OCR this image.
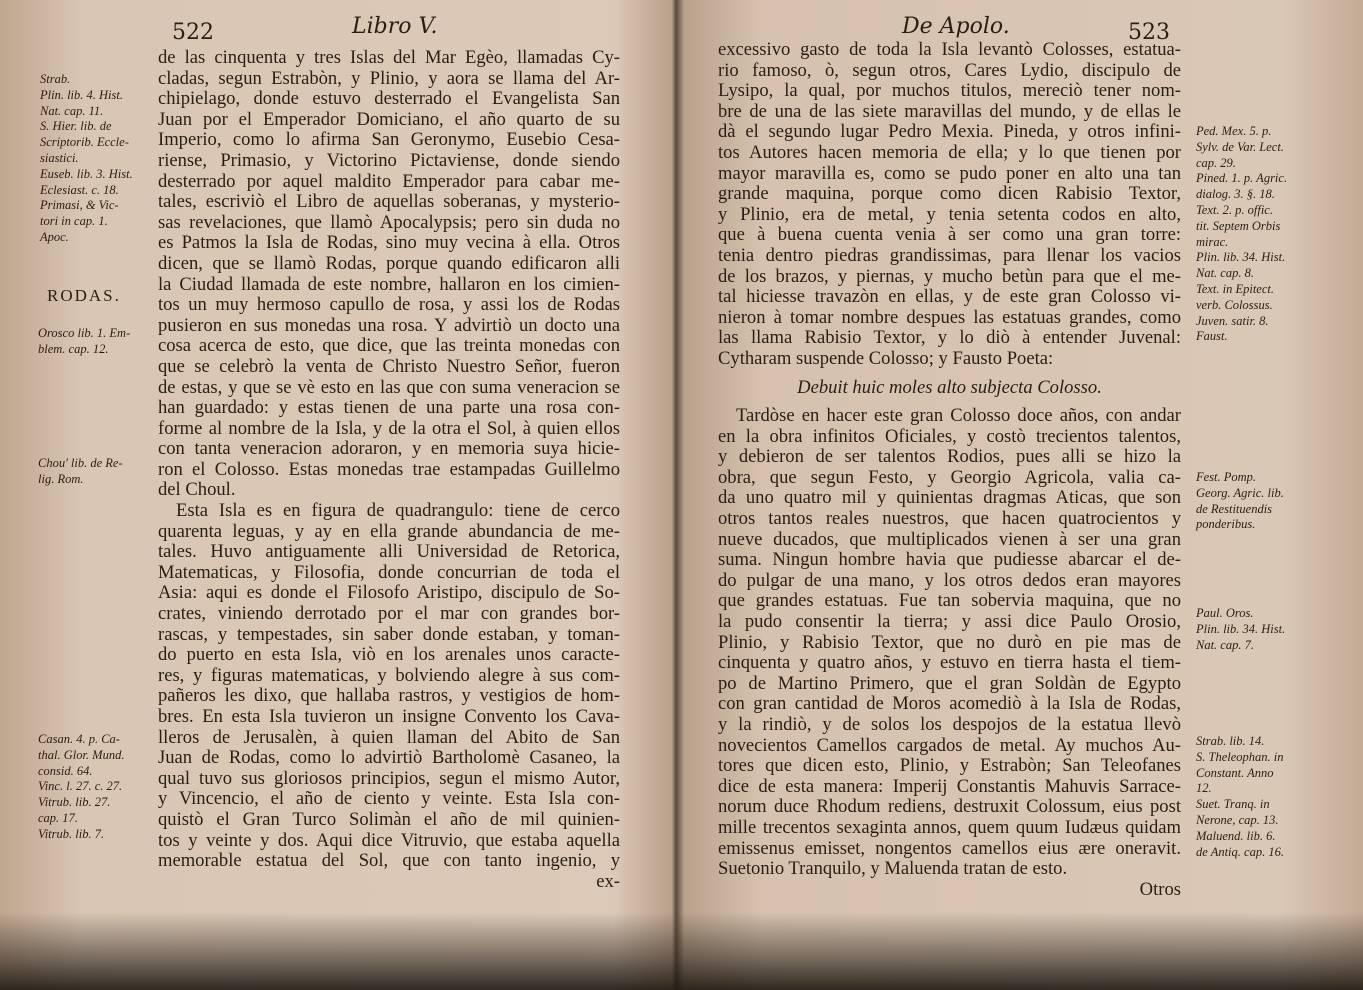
522	Libro V.
de las cinquenta y tres Islas del Mar Egèo, llamadas Cy-
cladas, segun Estrabòn, y Plinio, y aora se llama del Ar-
chipielago, donde estuvo desterrado el Evangelista San
Juan por el Emperador Domiciano, el año quarto de su
Imperio, como lo afirma San Geronymo, Eusebio Cesa-
riense, Primasio, y Victorino Pictaviense, donde siendo
desterrado por aquel maldito Emperador para cabar me-
tales, escriviò el Libro de aquellas soberanas, y mysterio-
sas revelaciones, que llamò Apocalypsis; pero sin duda no
es Patmos la Isla de Rodas, sino muy vecina à ella. Otros
dicen, que se llamò Rodas, porque quando edificaron alli
la Ciudad llamada de este nombre, hallaron en los cimien-
tos un muy hermoso capullo de rosa, y assi los de Rodas
pusieron en sus monedas una rosa. Y advirtiò un docto una
cosa acerca de esto, que dice, que las treinta monedas con
que se celebrò la venta de Christo Nuestro Señor, fueron
de estas, y que se vè esto en las que con suma veneracion se
han guardado: y estas tienen de una parte una rosa con-
forme al nombre de la Isla, y de la otra el Sol, à quien ellos
con tanta veneracion adoraron, y en memoria suya hicie-
ron el Colosso. Estas monedas trae estampadas Guillelmo
del Choul.
Esta Isla es en figura de quadrangulo: tiene de cerco
quarenta leguas, y ay en ella grande abundancia de me-
tales. Huvo antiguamente alli Universidad de Retorica,
Matematicas, y Filosofia, donde concurrian de toda el
Asia: aqui es donde el Filosofo Aristipo, discipulo de So-
crates, viniendo derrotado por el mar con grandes bor-
rascas, y tempestades, sin saber donde estaban, y toman-
do puerto en esta Isla, viò en los arenales unos caracte-
res, y figuras matematicas, y bolviendo alegre à sus com-
pañeros les dixo, que hallaba rastros, y vestigios de hom-
bres. En esta Isla tuvieron un insigne Convento los Cava-
lleros de Jerusalèn, à quien llaman del Abito de San
Juan de Rodas, como lo advirtiò Bartholomè Casaneo, la
qual tuvo sus gloriosos principios, segun el mismo Autor,
y Vincencio, el año de ciento y veinte. Esta Isla con-
quistò el Gran Turco Solimàn el año de mil quinien-
tos y veinte y dos. Aqui dice Vitruvio, que estaba aquella
memorable estatua del Sol, que con tanto ingenio, y
ex-
Strab.
Plin. lib. 4. Hist.
Nat. cap. 11.
S. Hier. lib. de
Scriptorib. Eccle-
siastici.
Euseb. lib. 3. Hist.
Eclesiast. c. 18.
Primasi, & Vic-
tori in cap. 1.
Apoc.
RODAS.
Orosco lib. 1. Em-
blem. cap. 12.
Chou' lib. de Re-
lig. Rom.
Casan. 4. p. Ca-
thal. Glor. Mund.
consid. 64.
Vinc. l. 27. c. 27.
Vitrub. lib. 27.
cap. 17.
Vitrub. lib. 7.
De Apolo.	523
excessivo gasto de toda la Isla levantò Colosses, estatua-
rio famoso, ò, segun otros, Cares Lydio, discipulo de
Lysipo, la qual, por muchos titulos, mereciò tener nom-
bre de una de las siete maravillas del mundo, y de ellas le
dà el segundo lugar Pedro Mexia. Pineda, y otros infini-
tos Autores hacen memoria de ella; y lo que tienen por
mayor maravilla es, como se pudo poner en alto una tan
grande maquina, porque como dicen Rabisio Textor,
y Plinio, era de metal, y tenia setenta codos en alto,
que à buena cuenta venia à ser como una gran torre:
tenia dentro piedras grandissimas, para llenar los vacios
de los brazos, y piernas, y mucho betùn para que el me-
tal hiciesse travazòn en ellas, y de este gran Colosso vi-
nieron à tomar nombre despues las estatuas grandes, como
las llama Rabisio Textor, y lo diò à entender Juvenal:
Cytharam suspende Colosso; y Fausto Poeta:
Debuit huic moles alto subjecta Colosso.
Tardòse en hacer este gran Colosso doce años, con andar
en la obra infinitos Oficiales, y costò trecientos talentos,
y debieron de ser talentos Rodios, pues alli se hizo la
obra, que segun Festo, y Georgio Agricola, valia ca-
da uno quatro mil y quinientas dragmas Aticas, que son
otros tantos reales nuestros, que hacen quatrocientos y
nueve ducados, que multiplicados vienen à ser una gran
suma. Ningun hombre havia que pudiesse abarcar el de-
do pulgar de una mano, y los otros dedos eran mayores
que grandes estatuas. Fue tan sobervia maquina, que no
la pudo consentir la tierra; y assi dice Paulo Orosio,
Plinio, y Rabisio Textor, que no durò en pie mas de
cinquenta y quatro años, y estuvo en tierra hasta el tiem-
po de Martino Primero, que el gran Soldàn de Egypto
con gran cantidad de Moros acomediò à la Isla de Rodas,
y la rindiò, y de solos los despojos de la estatua llevò
novecientos Camellos cargados de metal. Ay muchos Au-
tores que dicen esto, Plinio, y Estrabòn; San Teleofanes
dice de esta manera: Imperij Constantis Mahuvis Sarrace-
norum duce Rhodum rediens, destruxit Colossum, eius post
mille trecentos sexaginta annos, quem quum Iudæus quidam
emissenus emisset, nongentos camellos eius ære oneravit.
Suetonio Tranquilo, y Maluenda tratan de esto.
Otros
Ped. Mex. 5. p.
Sylv. de Var. Lect.
cap. 29.
Pined. 1. p. Agric.
dialog. 3. §. 18.
Text. 2. p. offic.
tit. Septem Orbis
mirac.
Plin. lib. 34. Hist.
Nat. cap. 8.
Text. in Epitect.
verb. Colossus.
Juven. satir. 8.
Faust.
Fest. Pomp.
Georg. Agric. lib.
de Restituendis
ponderibus.
Paul. Oros.
Plin. lib. 34. Hist.
Nat. cap. 7.
Strab. lib. 14.
S. Theleophan. in
Constant. Anno
12.
Suet. Tranq. in
Nerone, cap. 13.
Maluend. lib. 6.
de Antiq. cap. 16.
